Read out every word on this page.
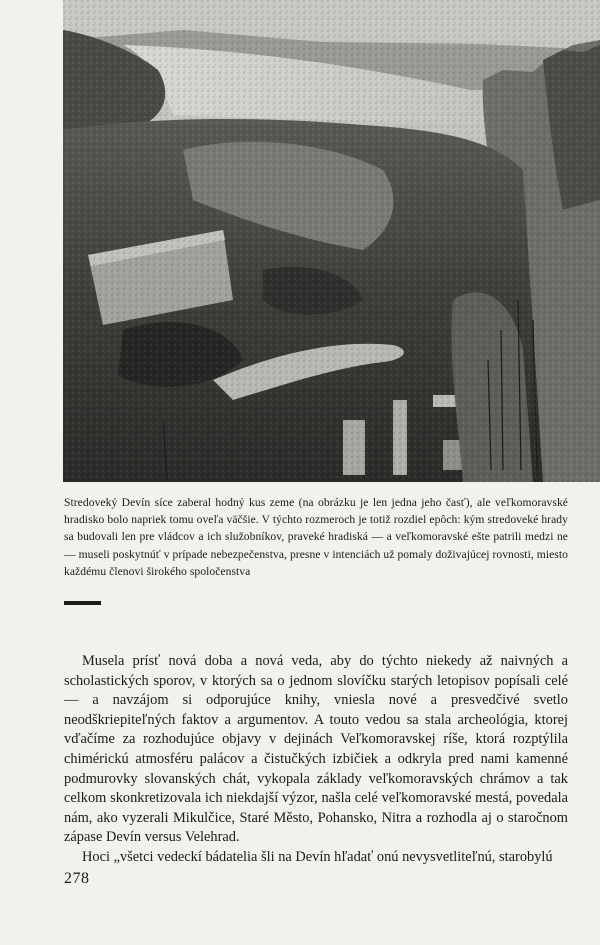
Stredoveký Devín síce zaberal hodný kus zeme (na obrázku je len jedna jeho časť), ale veľkomoravské hradisko bolo napriek tomu oveľa väčšie. V týchto rozmeroch je totiž rozdiel epôch: kým stredoveké hrady sa budovali len pre vládcov a ich služobníkov, praveké hradiská — a veľkomoravské ešte patrili medzi ne — museli poskytnúť v prípade nebezpečenstva, presne v intenciách už pomaly doživajúcej rovnosti, miesto každému členovi širokého spoločenstva

Musela prísť nová doba a nová veda, aby do týchto niekedy až naivných a scholastických sporov, v ktorých sa o jednom slovíčku starých letopisov popísali celé — a navzájom si odporujúce knihy, vniesla nové a presvedčivé svetlo neodškriepiteľných faktov a argumentov. A touto vedou sa stala archeológia, ktorej vďačíme za rozhodujúce objavy v dejinách Veľkomoravskej ríše, ktorá rozptýlila chimérickú atmosféru palácov a čistučkých izbičiek a odkryla pred nami kamenné podmurovky slovanských chát, vykopala základy veľkomoravských chrámov a tak celkom skonkretizovala ich niekdajší výzor, našla celé veľkomoravské mestá, povedala nám, ako vyzerali Mikulčice, Staré Město, Pohansko, Nitra a rozhodla aj o staročnom zápase Devín versus Velehrad.

Hoci „všetci vedeckí bádatelia šli na Devín hľadať onú nevysvetliteľnú, starobylú

278
